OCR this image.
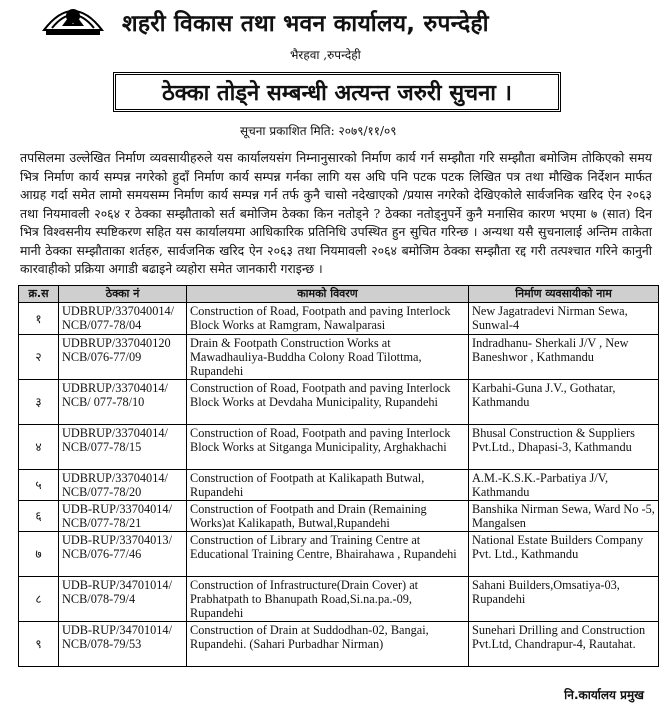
शहरी विकास तथा भवन कार्यालय, रुपन्देही
भैरहवा ,रुपन्देही
ठेक्का तोड्ने सम्बन्धी अत्यन्त जरुरी सुचना ।
सूचना प्रकाशित मिति: २०७९/११/०९
तपसिलमा उल्लेखित निर्माण व्यवसायीहरुले यस कार्यालयसंग निम्नानुसारको निर्माण कार्य गर्न सम्झौता गरि सम्झौता बमोजिम तोकिएको समय भित्र निर्माण कार्य सम्पन्न नगरेको हुदाँ निर्माण कार्य सम्पन्न गर्नका लागि यस अघि पनि पटक पटक लिखित पत्र तथा मौखिक निर्देशन मार्फत आग्रह गर्दा समेत लामो समयसम्म निर्माण कार्य सम्पन्न गर्न तर्फ कुनै चासो नदेखाएको /प्रयास नगरेको देखिएकोले सार्वजनिक खरिद ऐन २०६३ तथा नियमावली २०६४ र ठेक्का सम्झौताको सर्त बमोजिम ठेक्का किन नतोड्ने ? ठेक्का नतोड्नुपर्ने कुनै मनासिव कारण भएमा ७ (सात) दिन भित्र विश्वसनीय स्पष्टिकरण सहित यस कार्यालयमा आधिकारिक प्रतिनिधि उपस्थित हुन सुचित गरिन्छ । अन्यथा यसै सुचनालाई अन्तिम ताकेता मानी ठेक्का सम्झौताका शर्तहरु, सार्वजनिक खरिद ऐन २०६३ तथा नियमावली २०६४ बमोजिम ठेक्का सम्झौता रद्द गरी तत्पश्चात गरिने कानुनी कारवाहीको प्रक्रिया अगाडी बढाइने व्यहोरा समेत जानकारी गराइन्छ ।
क्र.स	ठेक्का नं	कामको विवरण	निर्माण व्यवसायीको नाम
१	UDBRUP/337040014/ NCB/077-78/04	Construction of Road, Footpath and paving Interlock Block Works at Ramgram, Nawalparasi	New Jagatradevi Nirman Sewa, Sunwal-4
२	UDBRUP/337040120 NCB/076-77/09	Drain & Footpath Construction Works at Mawadhauliya-Buddha Colony Road Tilottma, Rupandehi	Indradhanu- Sherkali J/V , New Baneshwor , Kathmandu
३	UDBRUP/33704014/ NCB/ 077-78/10	Construction of Road, Footpath and paving Interlock Block Works at Devdaha Municipality, Rupandehi	Karbahi-Guna J.V., Gothatar, Kathmandu
४	UDBRUP/33704014/ NCB/077-78/15	Construction of Road, Footpath and paving Interlock Block Works at Sitganga Municipality, Arghakhachi	Bhusal Construction & Suppliers Pvt.Ltd., Dhapasi-3, Kathmandu
५	UDBRUP/33704014/ NCB/077-78/20	Construction of Footpath at Kalikapath Butwal, Rupandehi	A.M.-K.S.K.-Parbatiya J/V, Kathmandu
६	UDB-RUP/33704014/ NCB/077-78/21	Construction of Footpath and Drain (Remaining Works)at Kalikapath, Butwal,Rupandehi	Banshika Nirman Sewa, Ward No -5, Mangalsen
७	UDB-RUP/33704013/ NCB/076-77/46	Construction of Library and Training Centre at Educational Training Centre, Bhairahawa , Rupandehi	National Estate Builders Company Pvt. Ltd., Kathmandu
८	UDB-RUP/34701014/ NCB/078-79/4	Construction of Infrastructure(Drain Cover) at Prabhatpath to Bhanupath Road,Si.na.pa.-09, Rupandehi	Sahani Builders,Omsatiya-03, Rupandehi
९	UDB-RUP/34701014/ NCB/078-79/53	Construction of Drain at Suddodhan-02, Bangai, Rupandehi. (Sahari Purbadhar Nirman)	Sunehari Drilling and Construction Pvt.Ltd, Chandrapur-4, Rautahat.
नि.कार्यालय प्रमुख
